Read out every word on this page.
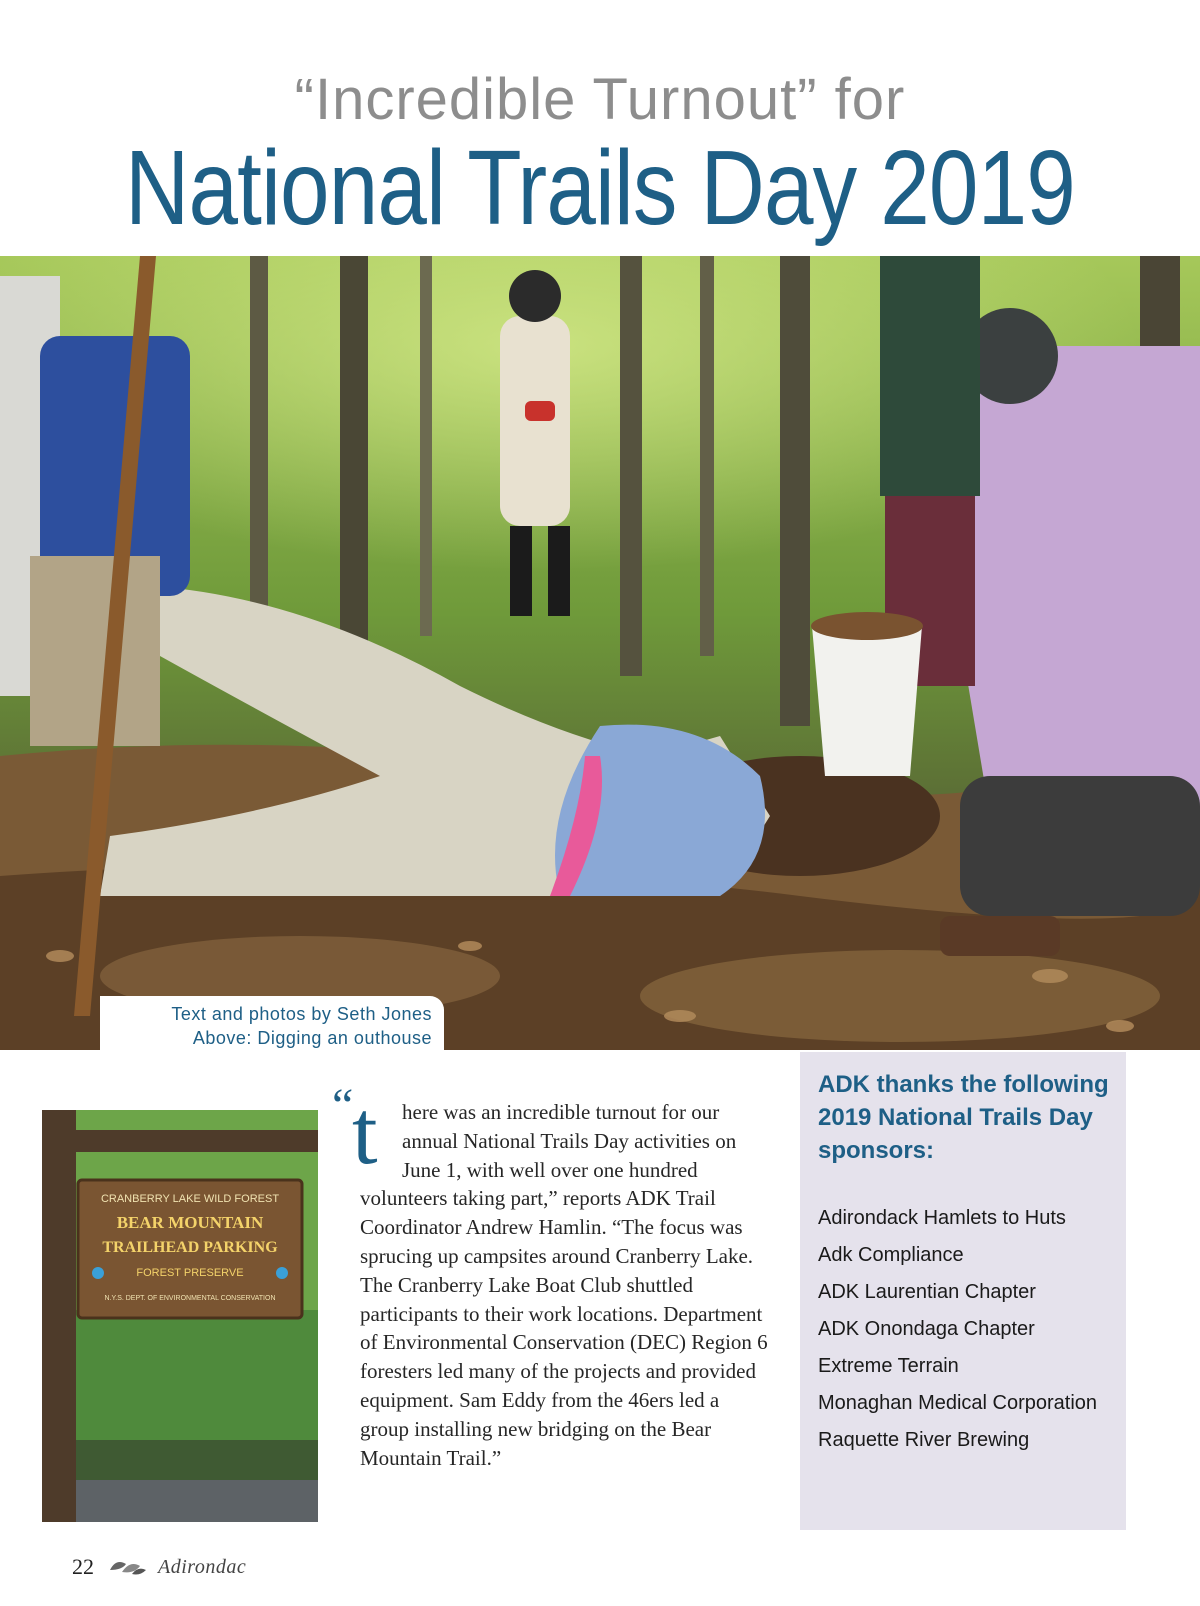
“Incredible Turnout” for
National Trails Day 2019
Text and photos by Seth Jones
Above: Digging an outhouse
CRANBERRY LAKE WILD FOREST
BEAR MOUNTAIN
TRAILHEAD PARKING
FOREST PRESERVE
N.Y.S. DEPT. OF ENVIRONMENTAL CONSERVATION
“
t	here was an incredible turnout for our annual National Trails Day activities on June 1, with well over one hundred volunteers taking part,” reports ADK Trail Coordinator Andrew Hamlin. “The focus was sprucing up campsites around Cranberry Lake. The Cranberry Lake Boat Club shuttled participants to their work locations. Department of Environmental Conservation (DEC) Region 6 foresters led many of the projects and provided equipment. Sam Eddy from the 46ers led a group installing new bridging on the Bear Mountain Trail.”
ADK thanks the following 2019 National Trails Day sponsors:
Adirondack Hamlets to Huts
Adk Compliance
ADK Laurentian Chapter
ADK Onondaga Chapter
Extreme Terrain
Monaghan Medical Corporation
Raquette River Brewing
22	Adirondac
